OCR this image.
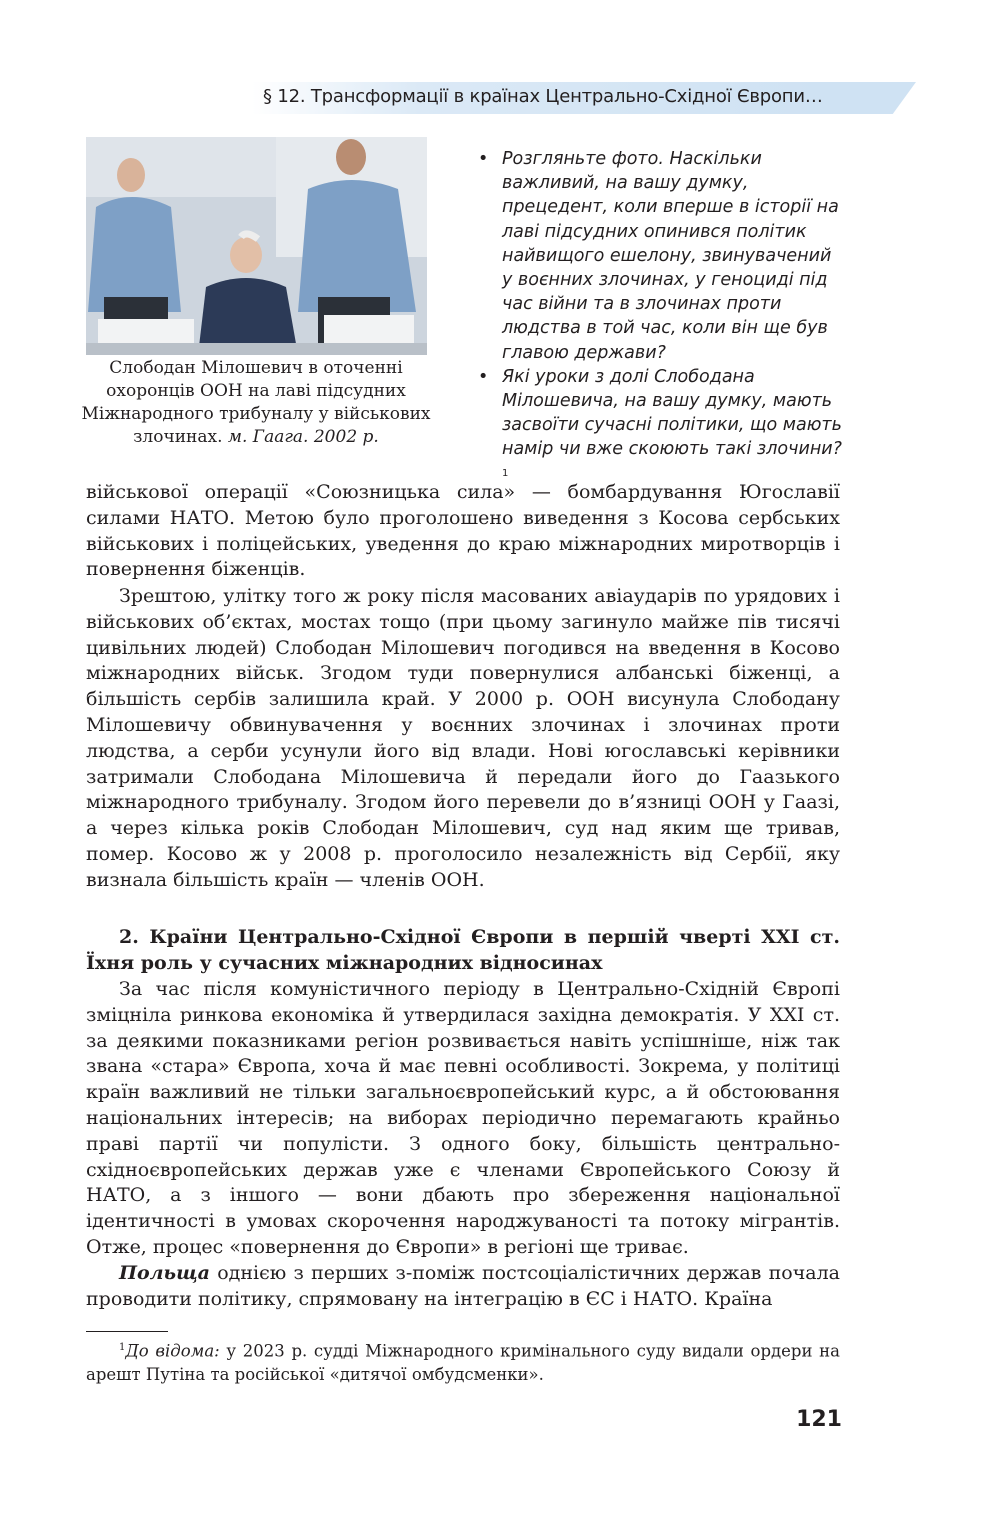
§ 12. Трансформації в країнах Центрально-Східної Європи…
Слободан Мілошевич в оточенні охоронців ООН на лаві підсудних Міжнародного трибуналу у військових злочинах. м. Гаага. 2002 р.
• Розгляньте фото. Наскільки важливий, на вашу думку, прецедент, коли вперше в історії на лаві підсудних опинився політик найвищого ешелону, звинувачений у воєнних злочинах, у геноциді під час війни та в злочинах проти людства в той час, коли він ще був главою держави?
• Які уроки з долі Слободана Мілошевича, на вашу думку, мають засвоїти сучасні політики, що мають намір чи вже скоюють такі злочини? $^1$

військової операції «Союзницька сила» — бомбардування Югославії силами НАТО. Метою було проголошено виведення з Косова сербських військових і поліцейських, уведення до краю міжнародних миротворців і повернення біженців.

Зрештою, улітку того ж року після масованих авіаударів по урядових і військових об’єктах, мостах тощо (при цьому загинуло майже пів тисячі цивільних людей) Слободан Мілошевич погодився на введення в Косово міжнародних військ. Згодом туди повернулися албанські біженці, а більшість сербів залишила край. У 2000 р. ООН висунула Слободану Мілошевичу обвинувачення у воєнних злочинах і злочинах проти людства, а серби усунули його від влади. Нові югославські керівники затримали Слободана Мілошевича й передали його до Гаазького міжнародного трибуналу. Згодом його перевели до в’язниці ООН у Гаазі, а через кілька років Слободан Мілошевич, суд над яким ще тривав, помер. Косово ж у 2008 р. проголосило незалежність від Сербії, яку визнала більшість країн — членів ООН.

2. Країни Центрально-Східної Європи в першій чверті XXI ст. Їхня роль у сучасних міжнародних відносинах

За час після комуністичного періоду в Центрально-Східній Європі зміцніла ринкова економіка й утвердилася західна демократія. У XXI ст. за деякими показниками регіон розвивається навіть успішніше, ніж так звана «стара» Європа, хоча й має певні особливості. Зокрема, у політиці країн важливий не тільки загальноєвропейський курс, а й обстоювання національних інтересів; на виборах періодично перемагають крайньо праві партії чи популісти. З одного боку, більшість центрально-східноєвропейських держав уже є членами Європейського Союзу й НАТО, а з іншого — вони дбають про збереження національної ідентичності в умовах скорочення народжуваності та потоку мігрантів. Отже, процес «повернення до Європи» в регіоні ще триває.

Польща однією з перших з-поміж постсоціалістичних держав почала проводити політику, спрямовану на інтеграцію в ЄС і НАТО. Країна

$^1$До відома: у 2023 р. судді Міжнародного кримінального суду видали ордери на арешт Путіна та російської «дитячої омбудсменки».

121
